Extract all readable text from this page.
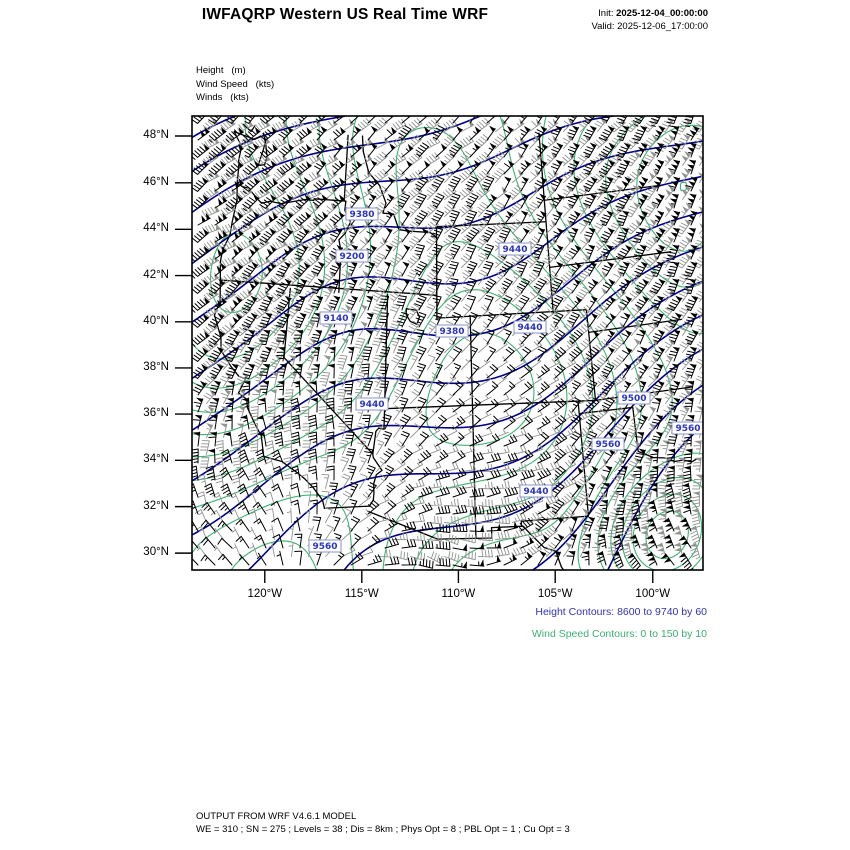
IWFAQRP Western US Real Time WRF	Init: 2025-12-04_00:00:00
Valid: 2025-12-06_17:00:00
Height   (m)
Wind Speed   (kts)
Winds   (kts)
Height Contours: 8600 to 9740 by 60
Wind Speed Contours: 0 to 150 by 10
OUTPUT FROM WRF V4.6.1 MODEL
WE = 310 ; SN = 275 ; Levels = 38 ; Dis = 8km ; Phys Opt = 8 ; PBL Opt = 1 ; Cu Opt = 3
48°N
46°N
44°N
42°N
40°N
38°N
36°N
34°N
32°N
30°N
120°W	115°W	110°W	105°W	100°W
